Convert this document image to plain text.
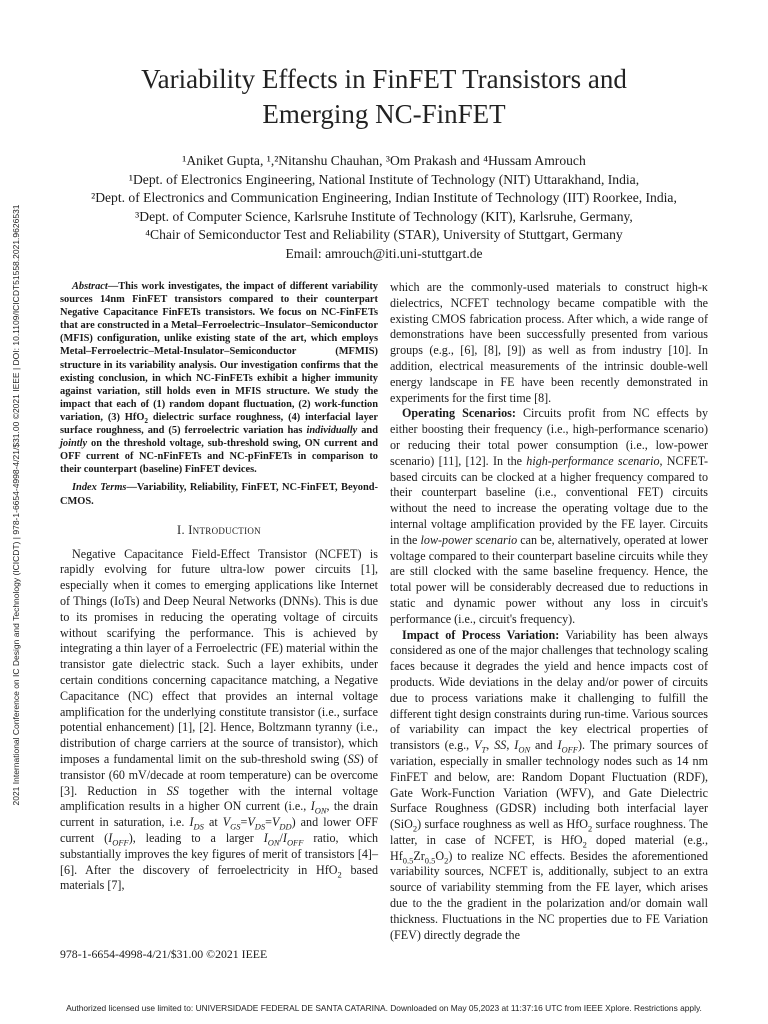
2021 International Conference on IC Design and Technology (ICICDT) | 978-1-6654-4998-4/21/$31.00 ©2021 IEEE | DOI: 10.1109/ICICDT51558.2021.9626531
Variability Effects in FinFET Transistors and
Emerging NC-FinFET
¹Aniket Gupta, ¹,²Nitanshu Chauhan, ³Om Prakash and ⁴Hussam Amrouch
¹Dept. of Electronics Engineering, National Institute of Technology (NIT) Uttarakhand, India,
²Dept. of Electronics and Communication Engineering, Indian Institute of Technology (IIT) Roorkee, India,
³Dept. of Computer Science, Karlsruhe Institute of Technology (KIT), Karlsruhe, Germany,
⁴Chair of Semiconductor Test and Reliability (STAR), University of Stuttgart, Germany
Email: amrouch@iti.uni-stuttgart.de

Abstract—This work investigates, the impact of different variability sources 14nm FinFET transistors compared to their counterpart Negative Capacitance FinFETs transistors. We focus on NC-FinFETs that are constructed in a Metal–Ferroelectric–Insulator–Semiconductor (MFIS) configuration, unlike existing state of the art, which employs Metal–Ferroelectric–Metal-Insulator–Semiconductor (MFMIS) structure in its variability analysis. Our investigation confirms that the existing conclusion, in which NC-FinFETs exhibit a higher immunity against variation, still holds even in MFIS structure. We study the impact that each of (1) random dopant fluctuation, (2) work-function variation, (3) HfO$_2$ dielectric surface roughness, (4) interfacial layer surface roughness, and (5) ferroelectric variation has individually and jointly on the threshold voltage, sub-threshold swing, ON current and OFF current of NC-nFinFETs and NC-pFinFETs in comparison to their counterpart (baseline) FinFET devices.

Index Terms—Variability, Reliability, FinFET, NC-FinFET, Beyond-CMOS.

I. Introduction

Negative Capacitance Field-Effect Transistor (NCFET) is rapidly evolving for future ultra-low power circuits [1], especially when it comes to emerging applications like Internet of Things (IoTs) and Deep Neural Networks (DNNs). This is due to its promises in reducing the operating voltage of circuits without scarifying the performance. This is achieved by integrating a thin layer of a Ferroelectric (FE) material within the transistor gate dielectric stack. Such a layer exhibits, under certain conditions concerning capacitance matching, a Negative Capacitance (NC) effect that provides an internal voltage amplification for the underlying constitute transistor (i.e., surface potential enhancement) [1], [2]. Hence, Boltzmann tyranny (i.e., distribution of charge carriers at the source of transistor), which imposes a fundamental limit on the sub-threshold swing (SS) of transistor (60 mV/decade at room temperature) can be overcome [3]. Reduction in SS together with the internal voltage amplification results in a higher ON current (i.e., $I_{ON}$, the drain current in saturation, i.e. $I_{DS}$ at $V_{GS}=V_{DS}=V_{DD}$) and lower OFF current $(I_{OFF})$, leading to a larger $I_{ON}/I_{OFF}$ ratio, which substantially improves the key figures of merit of transistors [4]–[6]. After the discovery of ferroelectricity in HfO$_2$ based materials [7],

which are the commonly-used materials to construct high-κ dielectrics, NCFET technology became compatible with the existing CMOS fabrication process. After which, a wide range of demonstrations have been successfully presented from various groups (e.g., [6], [8], [9]) as well as from industry [10]. In addition, electrical measurements of the intrinsic double-well energy landscape in FE have been recently demonstrated in experiments for the first time [8].

Operating Scenarios: Circuits profit from NC effects by either boosting their frequency (i.e., high-performance scenario) or reducing their total power consumption (i.e., low-power scenario) [11], [12]. In the high-performance scenario, NCFET-based circuits can be clocked at a higher frequency compared to their counterpart baseline (i.e., conventional FET) circuits without the need to increase the operating voltage due to the internal voltage amplification provided by the FE layer. Circuits in the low-power scenario can be, alternatively, operated at lower voltage compared to their counterpart baseline circuits while they are still clocked with the same baseline frequency. Hence, the total power will be considerably decreased due to reductions in static and dynamic power without any loss in circuit's performance (i.e., circuit's frequency).

Impact of Process Variation: Variability has been always considered as one of the major challenges that technology scaling faces because it degrades the yield and hence impacts cost of products. Wide deviations in the delay and/or power of circuits due to process variations make it challenging to fulfill the different tight design constraints during run-time. Various sources of variability can impact the key electrical properties of transistors (e.g., $V_T$, SS, $I_{ON}$ and $I_{OFF}$). The primary sources of variation, especially in smaller technology nodes such as 14 nm FinFET and below, are: Random Dopant Fluctuation (RDF), Gate Work-Function Variation (WFV), and Gate Dielectric Surface Roughness (GDSR) including both interfacial layer (SiO$_2$) surface roughness as well as HfO$_2$ surface roughness. The latter, in case of NCFET, is HfO$_2$ doped material (e.g., $Hf_{0.5}Zr_{0.5}O_2$) to realize NC effects. Besides the aforementioned variability sources, NCFET is, additionally, subject to an extra source of variability stemming from the FE layer, which arises due to the the gradient in the polarization and/or domain wall thickness. Fluctuations in the NC properties due to FE Variation (FEV) directly degrade the

978-1-6654-4998-4/21/$31.00 ©2021 IEEE
Authorized licensed use limited to: UNIVERSIDADE FEDERAL DE SANTA CATARINA. Downloaded on May 05,2023 at 11:37:16 UTC from IEEE Xplore. Restrictions apply.
